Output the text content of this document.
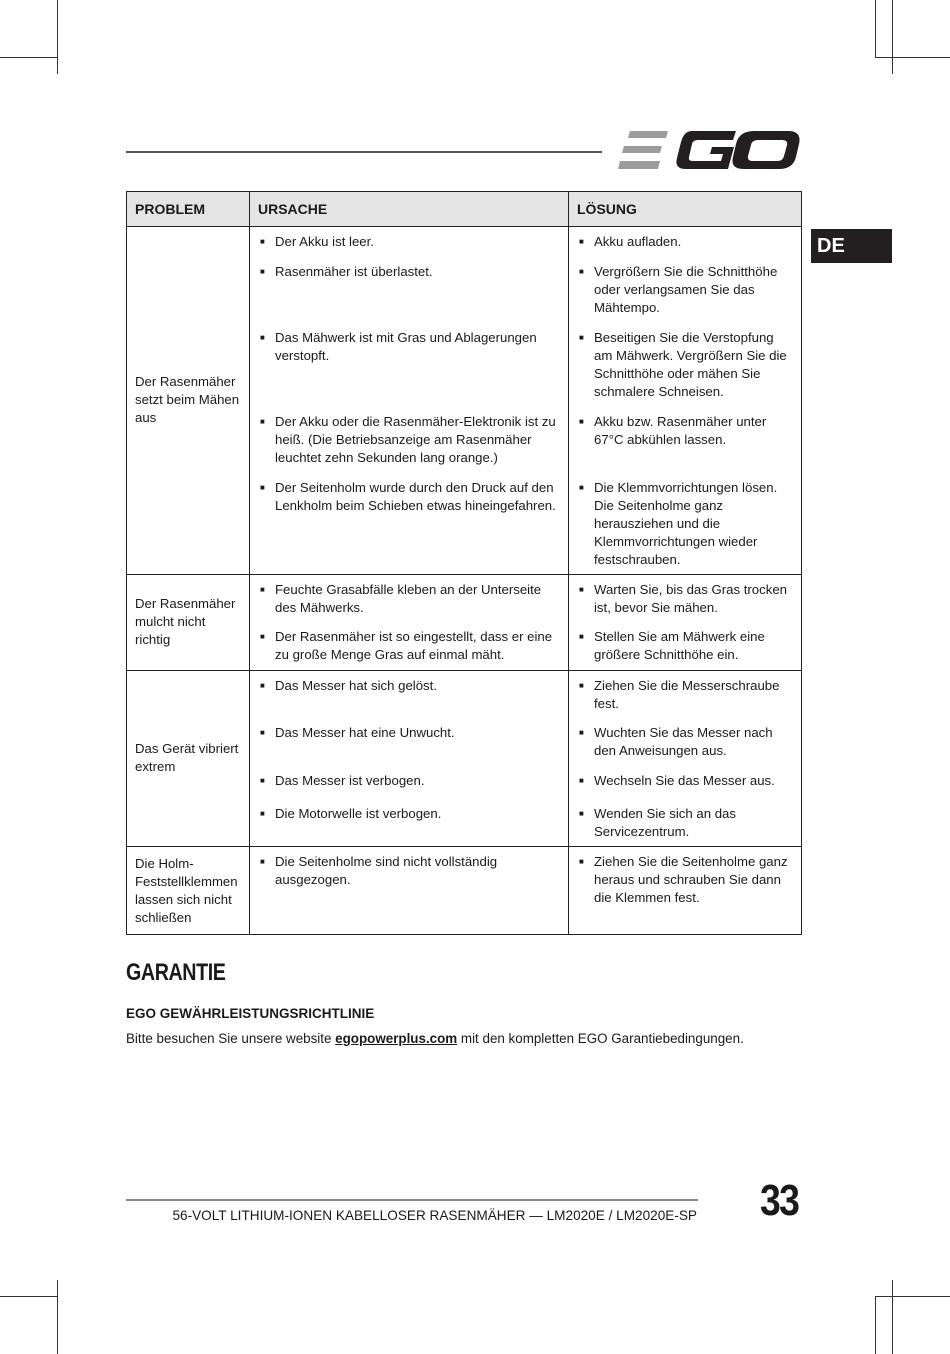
DE
PROBLEM	URSACHE	LÖSUNG
Der Rasenmäher setzt beim Mähen aus	■ Der Akku ist leer.	■ Akku aufladen.
	■ Rasenmäher ist überlastet.	■ Vergrößern Sie die Schnitthöhe oder verlangsamen Sie das Mähtempo.
	■ Das Mähwerk ist mit Gras und Ablagerungen verstopft.	■ Beseitigen Sie die Verstopfung am Mähwerk. Vergrößern Sie die Schnitthöhe oder mähen Sie schmalere Schneisen.
	■ Der Akku oder die Rasenmäher-Elektronik ist zu heiß. (Die Betriebsanzeige am Rasenmäher leuchtet zehn Sekunden lang orange.)	■ Akku bzw. Rasenmäher unter 67°C abkühlen lassen.
	■ Der Seitenholm wurde durch den Druck auf den Lenkholm beim Schieben etwas hineingefahren.	■ Die Klemmvorrichtungen lösen. Die Seitenholme ganz herausziehen und die Klemmvorrichtungen wieder festschrauben.
Der Rasenmäher mulcht nicht richtig	■ Feuchte Grasabfälle kleben an der Unterseite des Mähwerks.	■ Warten Sie, bis das Gras trocken ist, bevor Sie mähen.
	■ Der Rasenmäher ist so eingestellt, dass er eine zu große Menge Gras auf einmal mäht.	■ Stellen Sie am Mähwerk eine größere Schnitthöhe ein.
Das Gerät vibriert extrem	■ Das Messer hat sich gelöst.	■ Ziehen Sie die Messerschraube fest.
	■ Das Messer hat eine Unwucht.	■ Wuchten Sie das Messer nach den Anweisungen aus.
	■ Das Messer ist verbogen.	■ Wechseln Sie das Messer aus.
	■ Die Motorwelle ist verbogen.	■ Wenden Sie sich an das Servicezentrum.
Die Holm-Feststellklemmen lassen sich nicht schließen	■ Die Seitenholme sind nicht vollständig ausgezogen.	■ Ziehen Sie die Seitenholme ganz heraus und schrauben Sie dann die Klemmen fest.
GARANTIE
EGO GEWÄHRLEISTUNGSRICHTLINIE
Bitte besuchen Sie unsere website egopowerplus.com mit den kompletten EGO Garantiebedingungen.
56-VOLT LITHIUM-IONEN KABELLOSER RASENMÄHER — LM2020E / LM2020E-SP 33
